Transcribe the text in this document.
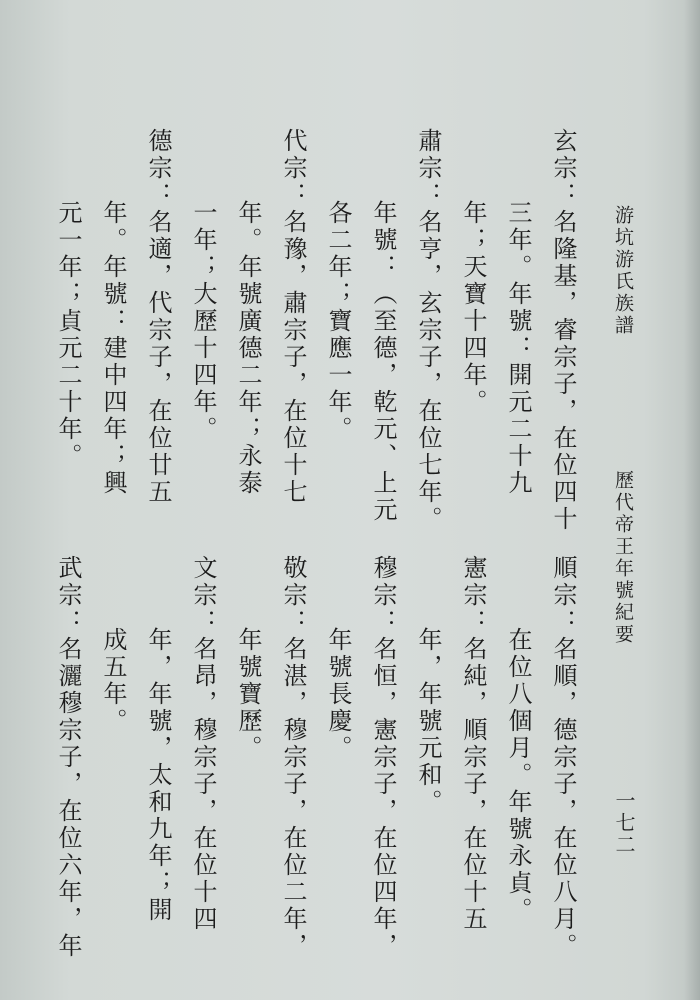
游坑游氏族譜
歷代帝王年號紀要
一七二
玄宗：名隆基，睿宗子，在位四十
三年。年號：開元二十九
年；天寶十四年。
肅宗：名亨，玄宗子，在位七年。
年號：（至德，乾元、上元
各二年；寶應一年。
代宗：名豫，肅宗子，在位十七
年。年號廣德二年；永泰
一年；大歷十四年。
德宗：名適，代宗子，在位廿五
年。年號：建中四年；興
元一年；貞元二十年。
順宗：名順，德宗子，在位八月。
在位八個月。年號永貞。
憲宗：名純，順宗子，在位十五
年，年號元和。
穆宗：名恒，憲宗子，在位四年，
年號長慶。
敬宗：名湛，穆宗子，在位二年，
年號寶歷。
文宗：名昂，穆宗子，在位十四
年，年號，太和九年；開
成五年。
武宗：名灑穆宗子，在位六年，年
